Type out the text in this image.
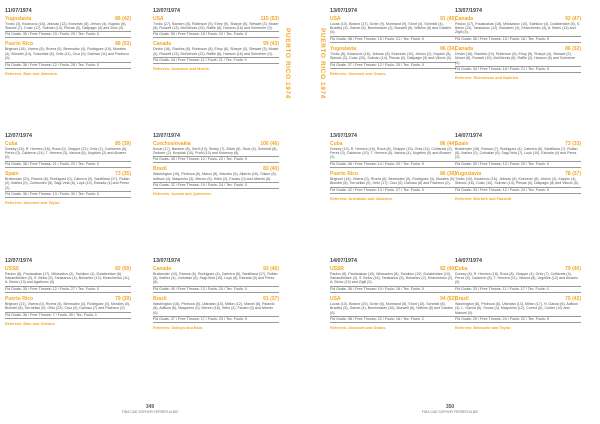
PUERTO RICO 1974
11/07/1974
Yugoslavia	86 (42)
Tvrdic (3), Kicanovic (16), Jelovac (12), Knezevic (8), Jerkov (4), Kapicic (6), Slavnic (7), Cosic (17), Solman (13), Plecas (0), Dalipagic (0) and Zizic (0).
Fld Goals: 35 / Free Throws: 23 / Fouls: 25 / Tec. Fouls: 0
Puerto Rico	88 (53)
Brignoni (16), Vicens (8), Rivera (0), Bermudez (4), Rodriguez (15), Morales (4), Blondet (14), Torruellas (6), Ortiz (11), Cruz (0), Dalmau (11) and Pacheco (0).
Fld Goals: 38 / Free Throws: 12 / Fouls: 28 / Tec. Fouls: 0
Referees: Bain and Jakovina.
12/07/1974
Cuba	85 (39)
Dorsey (15), R. Herrera (16), Roca (0), Chappe (21), Ortiz (2), Cobiseres (6), Perez (0), Calderon (14), T. Herrera (3), Varona (6), Urgelles (2) and Alvarez (0).
Fld Goals: 38 / Free Throws: 21 / Fouls: 22 / Tec. Fouls: 0
Spain	73 (35)
Brabender (21), Ramos (8), Rodriguez (0), Cabrera (0), Santillana (17), Rullan (0), Ibañez (0), Coribuslen (5), Sagl-Vela (6), Luyk (10), Estrada (4) and Perez (2).
Fld Goals: 36 / Free Throws: 13 / Fouls: 30 / Tec. Fouls: 0
Referees: Alconnet and Taylor.
12/07/1974
USSR	82 (50)
Paulov (8), Paulauskas (17), Milosavlov (3), Salnikov (4), Dolaberidze (6), Sakandelidze (3), S. Belov (5), Tarakanov (4), Boloshev (12), Kharchenko (11), A. Belov (13) and Agafonov (0).
Fld Goals: 35 / Free Throws: 12 / Fouls: 27 / Tec. Fouls: 0
Puerto Rico	79 (39)
Brignoni (21), Vicens (0), Rivera (4), Bermudez (4), Rodriguez (4), Morales (0), Blondet (8), Torruellas (0), Ortiz (22), Cruz (0), Dalmau (7) and Pacheco (0).
Fld Goals: 36 / Free Throws: 7 / Fouls: 30 / Tec. Fouls: 1
Referees: Bain and Orleans.
12/07/1974
USA	115 (53)
Tvrdic (27), Bantom (8), Robinson (5), Elrey (9), Sharpe (6), Stewart (3), Moser (8), Russell (13), McNichols (22), Raffle (8), Hanson (16) and Schreiner (0).
Fld Goals: 50 / Free Throws: 15 / Fouls: 22 / Tec. Fouls: 0
Canada	99 (43)
Devlin (16), Rautins (8), Robinson (8), Elroy (6), Sharpe (0), Stewart (3), Moser (0), Russell (13), McNichols (22), Raffle (8), Hanson (16) and Schreiner (0).
Fld Goals: 44 / Free Throws: 11 / Fouls: 21 / Tec. Fouls: 0
Referees: Assmann and Morris.
12/07/1974
Czechoslovakia	100 (46)
Kovar (17), Bardcer (8), Gertl (10), Siroky (7), Zidek (8), Stolz (4), Schrnidt (8), Zedmer (2), Kropilak (10), Prahl (10) and Konecny (6).
Fld Goals: 45 / Free Throws: 12 / Fouls: 22 / Tec. Fouls: 0
Brazil	83 (40)
Washington (15), Pedroca (6), Marco (8), Marcelo (6), Alberto (16), Gilson (8), Adilson (4), Maquinho (3), Menon (9), Hélio (2), Fausto (0) and Alberto (6).
Fld Goals: 32 / Free Throws: 19 / Fouls: 24 / Tec. Fouls: 0
Referees: Acosta and Quinteros.
13/07/1974
Canada	93 (46)
Brabender (10), Ramos (6), Rodriguez (4), Cabrera (6), Santillana (17), Rullan (6), Ibañez (4), Corbalan (8), Sagl-Vela (16), Luyk (8), Estrada (0) and Perez (8).
Fld Goals: 40 / Free Throws: 13 / Fouls: 20 / Tec. Fouls: 0
Brazil	91 (37)
Washington (16), Pedroca (8), Ubiratan (15), Milton (12), Marcel (8), Ricardo (8), Adilson (6), Maquinho (0), Menon (18), Helio (2), Fausto (0) and Alberto (0).
Fld Goals: 37 / Free Throws: 17 / Fouls: 29 / Tec. Fouls: 0
Referees: Dokkyn and Bain.
349
FIBA CAD SOPHOR FERRER ALBIZ
PUERTO RICO 1974
13/07/1974
USA	91 (45)
Lucas (10), Boston (37), Grote (9), Moreland (9), Short (4), Schmidt (4), Bradley (4), Gamet (6), Brechmaker (2), Boswell (6), Wilkins (8) and Garden (0).
Fld Goals: 38 / Free Throws: 15 / Fouls: 21 / Tec. Fouls: 0
Yugoslavia	86 (34)
Tvrdic (8), Kicanovic (16), Jelovac (8), Knezevic (10), Jerkov (2), Kapicic (8), Slavnic (3), Cosic (20), Solman (14), Plecas (0), Dalipagic (9) and Vilovic (0).
Fld Goals: 37 / Free Throws: 12 / Fouls: 25 / Tec. Fouls: 0
Referees: Alconnet and Grams.
13/07/1974
Cuba	86 (44)
Dorsey (10), R. Herrera (16), Roca (8), Chappe (15), Ortiz (11), Coltisreis (2), Perez (0), Calderon (10), T. Herrera (8), Varona (4), Urgelles (0) and Alvarez (2).
Fld Goals: 36 / Free Throws: 14 / Fouls: 20 / Tec. Fouls: 0
Puerto Rico	86 (38)
Brignoni (16), Vicens (0), Rivera (6), Bermudez (0), Rodriguez (4), Morales (0), Blondet (8), Torruellas (0), Ortiz (17), Cruz (0), Dalmau (8) and Pacheco (0).
Fld Goals: 42 / Free Throws: 13 / Fouls: 27 / Tec. Fouls: 0
Referees: Arshakian and Jakovina.
14/07/1974
USSR	82 (49)
Paulov (8), Paulauskas (10), Milosavlov (8), Salnikov (10), Dolaberidze (10), Sakandelidze (4), S. Belov (16), Tarakanov (5), Boloshev (2), Kharchenko (2), A. Belov (10) and Zigili (0).
Fld Goals: 36 / Free Throws: 10 / Fouls: 18 / Tec. Fouls: 0
USA	94 (52)
Lucas (10), Boston (20), Grote (6), Moreland (8), Short (10), Schmidt (8), Bradley (5), Gamet (4), Brechmaker (10), Boswell (8), Wilkins (6) and Garden (0).
Fld Goals: 38 / Free Throws: 22 / Fouls: 18 / Tec. Fouls: 2
Referees: Alconnet and Grams.
13/07/1974
Canada	92 (47)
Pavlov (17), Paulauskas (18), Milosavlov (10), Salnikov (4), Dolaberidze (6), S. Belov (13), Tarakanov (12), Boloshev (4), Kharchenko (4), A. Belov (13) and Zigili (4).
Fld Goals: 36 / Free Throws: 15 / Fouls: 18 / Tec. Fouls: 0
Canada	86 (32)
Devlin (16), Rautins (10), Robinson (6), Elroy (8), Sharpe (4), Stewart (2), Moser (8), Russell (10), McNichols (6), Raffle (2), Hanson (6) and Schreiner (0).
Fld Goals: 34 / Free Throws: 18 / Fouls: 21 / Tec. Fouls: 0
Referees: Richardson and Baldrich.
14/07/1974
Spain	73 (33)
Brabender (18), Ramos (7), Rodriguez (4), Cabrera (6), Santillana (7), Rullan (8), Ibañez (0), Corbalan (6), Sagl-Vela (7), Luyk (10), Estrada (4) and Perez (2).
Fld Goals: 30 / Free Throws: 13 / Fouls: 20 / Tec. Fouls: 0
Yugoslavia	78 (37)
Tvrdic (10), Kicanovic (16), Jelovac (6), Knezevic (8), Jerkov (4), Kapicic (4), Slavnic (16), Cosic (10), Solman (14), Plecas (0), Dalipagic (8) and Vilovic (0).
Fld Goals: 33 / Free Throws: 12 / Fouls: 24 / Tec. Fouls: 0
Referees: Beirbirk and Fauzotti.
14/07/1974
Cuba	79 (40)
Dorsey (6), R. Herrera (18), Roca (8), Chappe (4), Ortiz (7), Coltisreis (4), Perez (6), Calderon (6), T. Herrera (11), Varona (8), Urgelles (12) and Alvarez (0).
Fld Goals: 33 / Free Throws: 11 / Fouls: 17 / Tec. Fouls: 0
Brazil	75 (42)
Washington (6), Pedroca (8), Ubiratan (13), Milton (17), H. Garcia (6), Adilson (4), L. Garcia (6), Souza (4), Maquinho (12), Correa (6), Custer (10) and Manoel (0).
Fld Goals: 29 / Free Throws: 24 / Fouls: 22 / Tec. Fouls: 0
Referees: Belmonte and Taylor.
350
FIBA CAD SOPHOR FERRER ALBIZ
